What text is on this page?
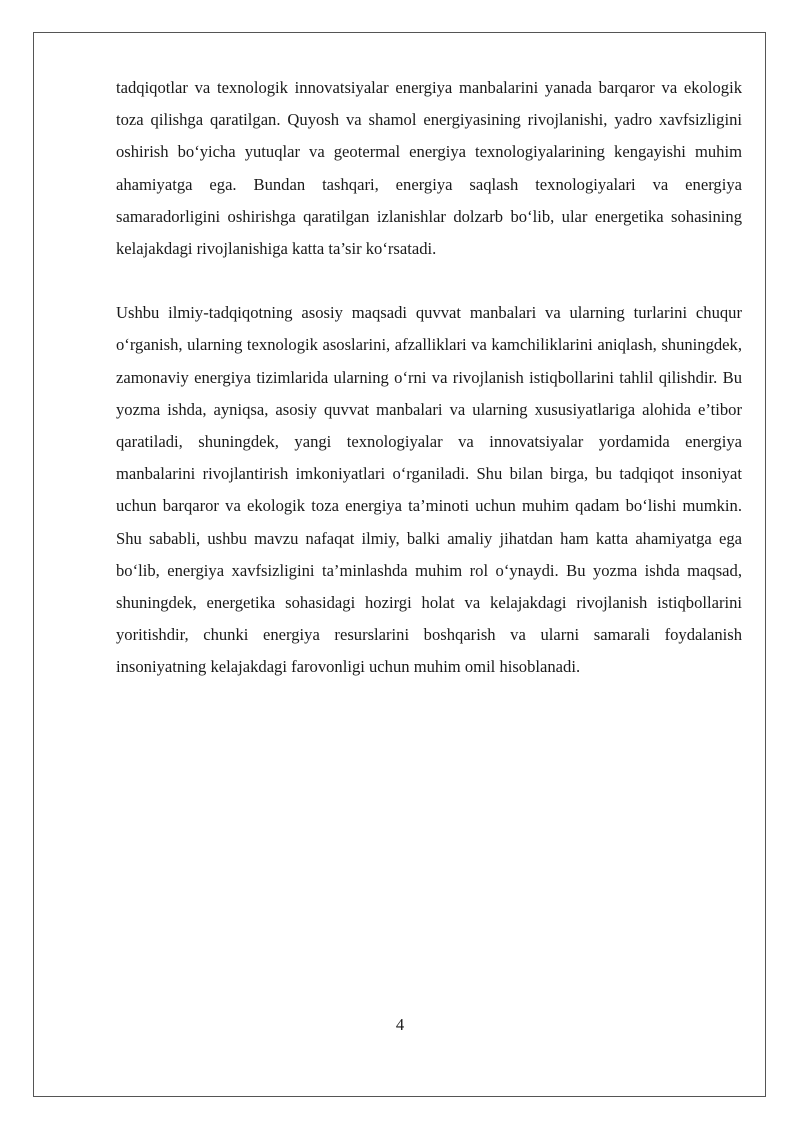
tadqiqotlar va texnologik innovatsiyalar energiya manbalarini yanada barqaror va ekologik toza qilishga qaratilgan. Quyosh va shamol energiyasining rivojlanishi, yadro xavfsizligini oshirish bo‘yicha yutuqlar va geotermal energiya texnologiyalarining kengayishi muhim ahamiyatga ega. Bundan tashqari, energiya saqlash texnologiyalari va energiya samaradorligini oshirishga qaratilgan izlanishlar dolzarb bo‘lib, ular energetika sohasining kelajakdagi rivojlanishiga katta ta’sir ko‘rsatadi.

Ushbu ilmiy-tadqiqotning asosiy maqsadi quvvat manbalari va ularning turlarini chuqur o‘rganish, ularning texnologik asoslarini, afzalliklari va kamchiliklarini aniqlash, shuningdek, zamonaviy energiya tizimlarida ularning o‘rni va rivojlanish istiqbollarini tahlil qilishdir. Bu yozma ishda, ayniqsa, asosiy quvvat manbalari va ularning xususiyatlariga alohida e’tibor qaratiladi, shuningdek, yangi texnologiyalar va innovatsiyalar yordamida energiya manbalarini rivojlantirish imkoniyatlari o‘rganiladi. Shu bilan birga, bu tadqiqot insoniyat uchun barqaror va ekologik toza energiya ta’minoti uchun muhim qadam bo‘lishi mumkin. Shu sababli, ushbu mavzu nafaqat ilmiy, balki amaliy jihatdan ham katta ahamiyatga ega bo‘lib, energiya xavfsizligini ta’minlashda muhim rol o‘ynaydi. Bu yozma ishda maqsad, shuningdek, energetika sohasidagi hozirgi holat va kelajakdagi rivojlanish istiqbollarini yoritishdir, chunki energiya resurslarini boshqarish va ularni samarali foydalanish insoniyatning kelajakdagi farovonligi uchun muhim omil hisoblanadi.

4
